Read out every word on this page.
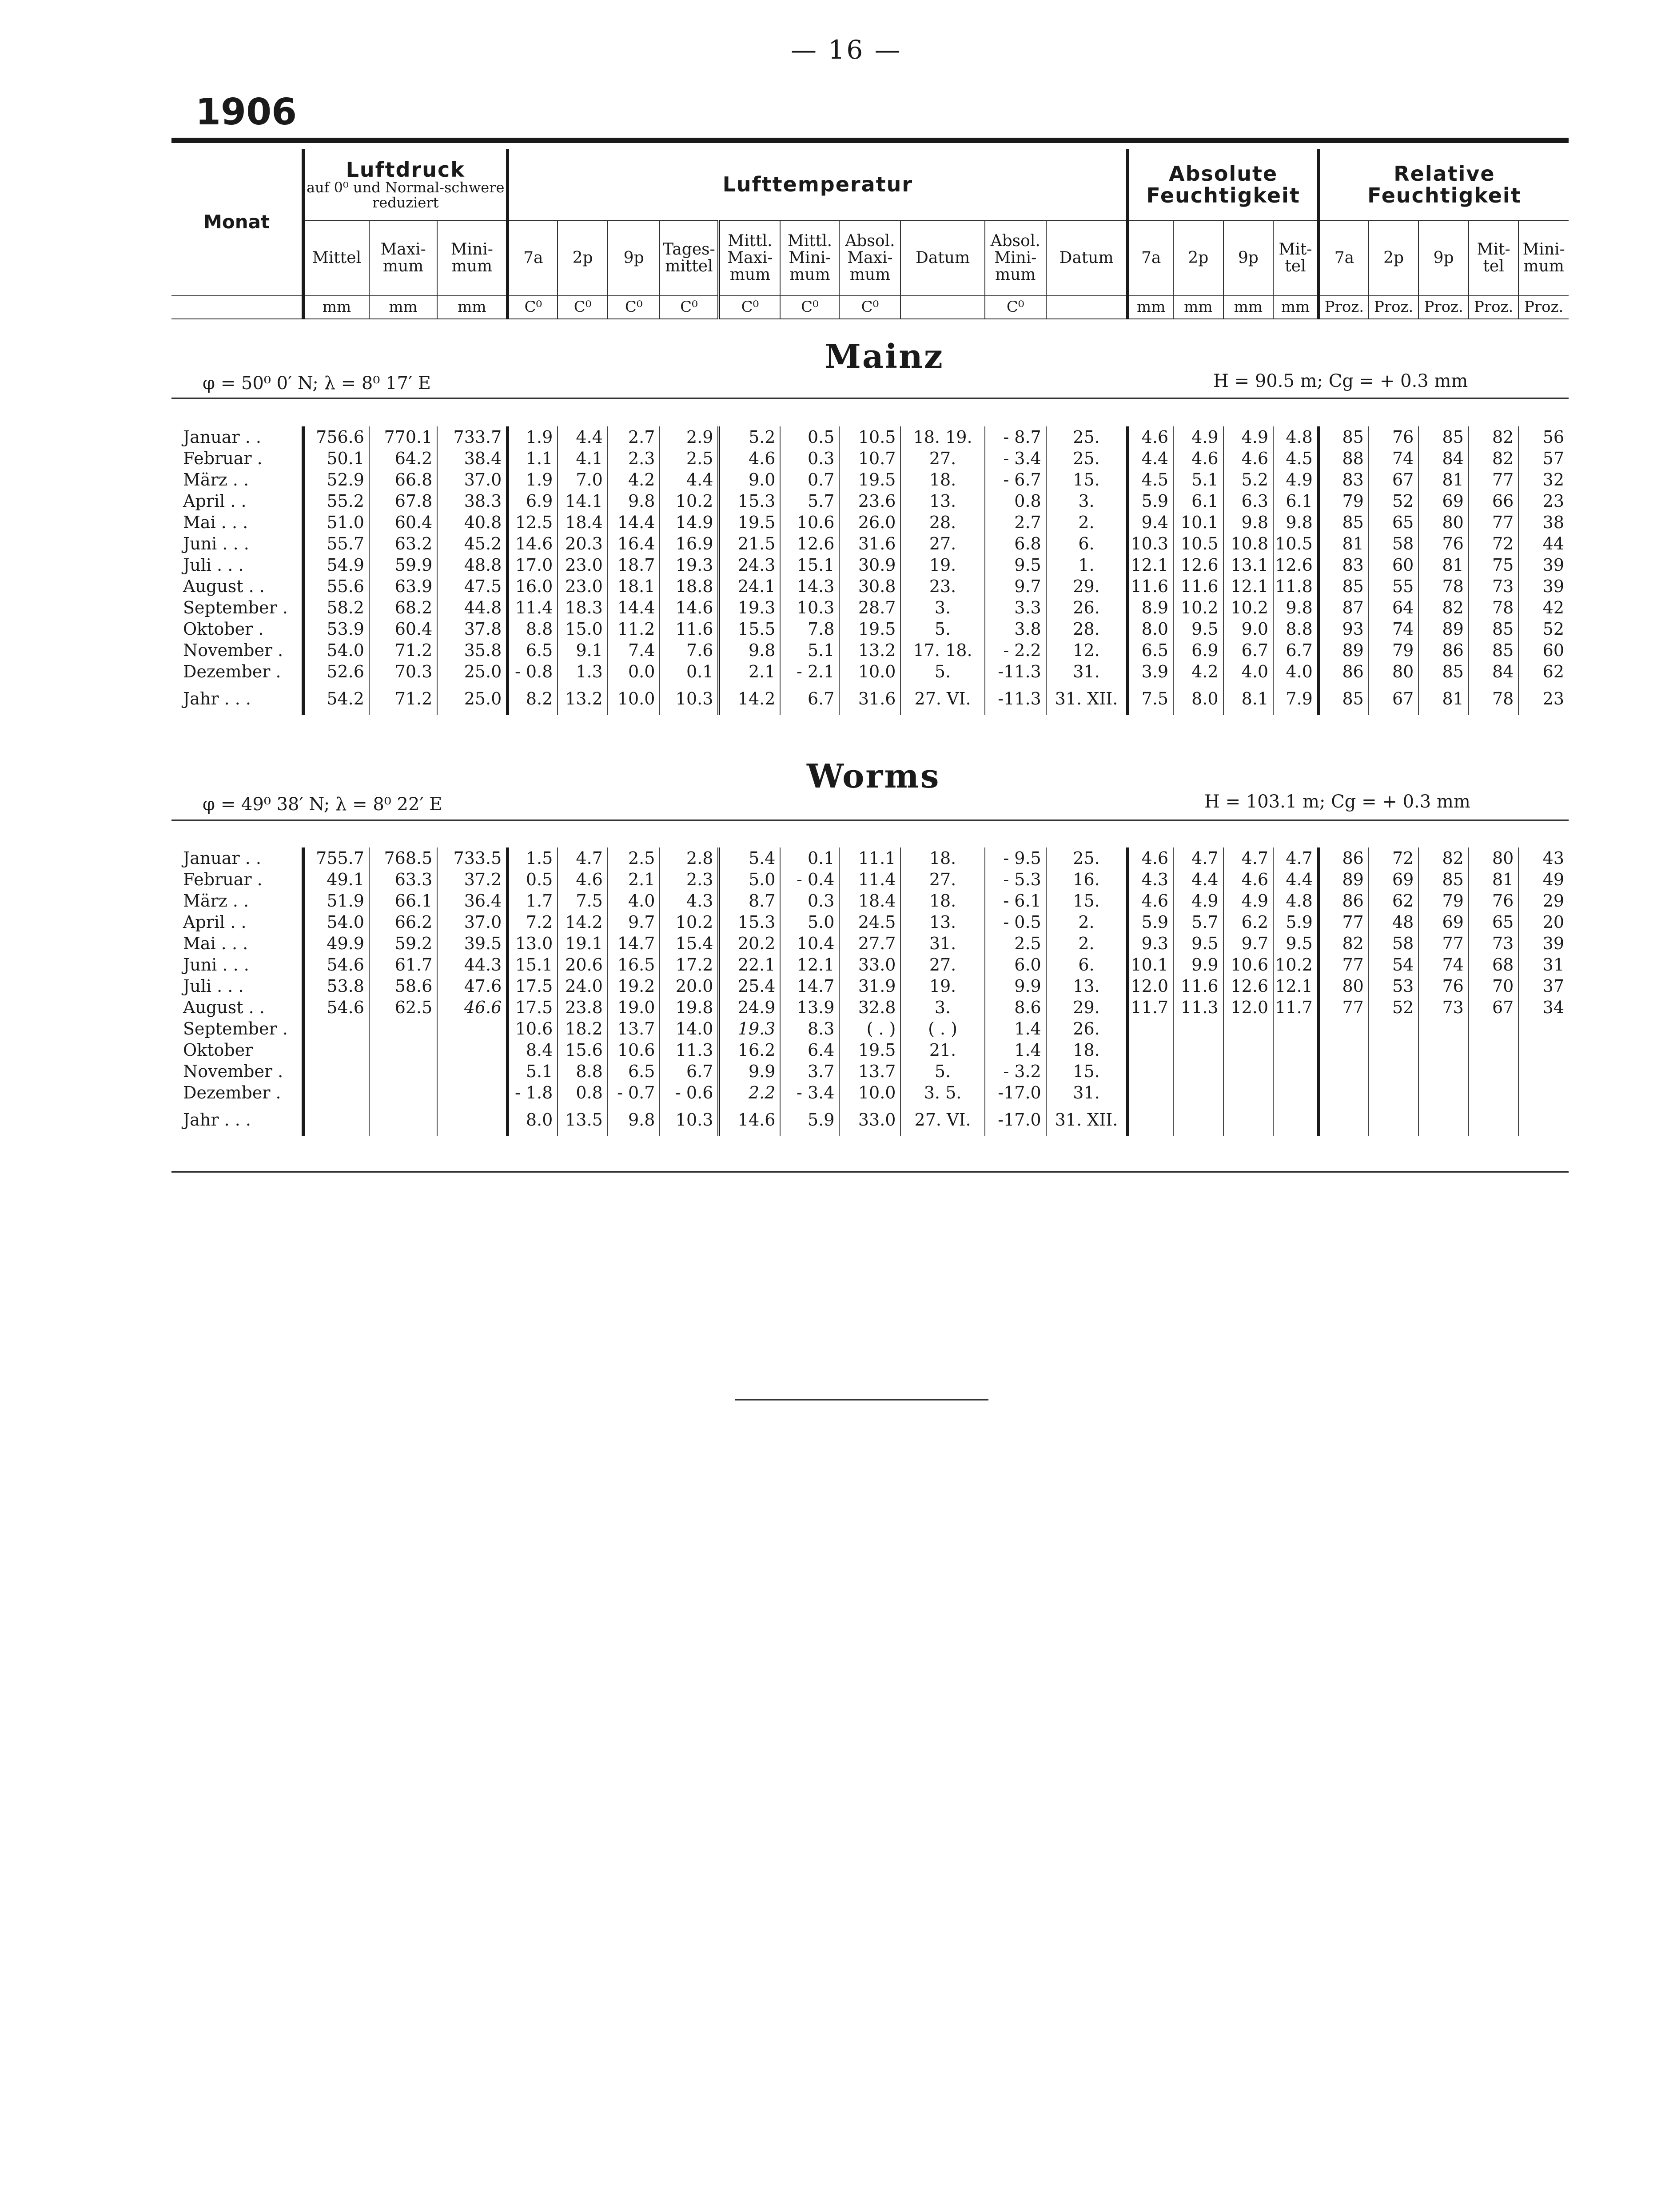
— 16 —
1906
Monat	Luftdruck
auf 0⁰ und Normal-schwere reduziert			Lufttemperatur										Absolute Feuchtigkeit				Relative Feuchtigkeit				
	Mittel	Maxi-mum	Mini-mum	7a	2p	9p	Tages-mittel	Mittl. Maxi-mum	Mittl. Mini-mum	Absol. Maxi-mum	Datum	Absol. Mini-mum	Datum	7a	2p	9p	Mit-tel	7a	2p	9p	Mit-tel	Mini-mum
	mm	mm	mm	C⁰	C⁰	C⁰	C⁰	C⁰	C⁰	C⁰		C⁰		mm	mm	mm	mm	Proz.	Proz.	Proz.	Proz.	Proz.
Mainz
φ = 50⁰ 0′ N; λ = 8⁰ 17′ E	H = 90.5 m; Cg = + 0.3 mm
Januar . .	756.6	770.1	733.7	1.9	4.4	2.7	2.9	5.2	0.5	10.5	18. 19.	- 8.7	25.	4.6	4.9	4.9	4.8	85	76	85	82	56
Februar .	50.1	64.2	38.4	1.1	4.1	2.3	2.5	4.6	0.3	10.7	27.	- 3.4	25.	4.4	4.6	4.6	4.5	88	74	84	82	57
März . .	52.9	66.8	37.0	1.9	7.0	4.2	4.4	9.0	0.7	19.5	18.	- 6.7	15.	4.5	5.1	5.2	4.9	83	67	81	77	32
April . .	55.2	67.8	38.3	6.9	14.1	9.8	10.2	15.3	5.7	23.6	13.	0.8	3.	5.9	6.1	6.3	6.1	79	52	69	66	23
Mai . . .	51.0	60.4	40.8	12.5	18.4	14.4	14.9	19.5	10.6	26.0	28.	2.7	2.	9.4	10.1	9.8	9.8	85	65	80	77	38
Juni . . .	55.7	63.2	45.2	14.6	20.3	16.4	16.9	21.5	12.6	31.6	27.	6.8	6.	10.3	10.5	10.8	10.5	81	58	76	72	44
Juli . . .	54.9	59.9	48.8	17.0	23.0	18.7	19.3	24.3	15.1	30.9	19.	9.5	1.	12.1	12.6	13.1	12.6	83	60	81	75	39
August . .	55.6	63.9	47.5	16.0	23.0	18.1	18.8	24.1	14.3	30.8	23.	9.7	29.	11.6	11.6	12.1	11.8	85	55	78	73	39
September .	58.2	68.2	44.8	11.4	18.3	14.4	14.6	19.3	10.3	28.7	3.	3.3	26.	8.9	10.2	10.2	9.8	87	64	82	78	42
Oktober .	53.9	60.4	37.8	8.8	15.0	11.2	11.6	15.5	7.8	19.5	5.	3.8	28.	8.0	9.5	9.0	8.8	93	74	89	85	52
November .	54.0	71.2	35.8	6.5	9.1	7.4	7.6	9.8	5.1	13.2	17. 18.	- 2.2	12.	6.5	6.9	6.7	6.7	89	79	86	85	60
Dezember .	52.6	70.3	25.0	- 0.8	1.3	0.0	0.1	2.1	- 2.1	10.0	5.	-11.3	31.	3.9	4.2	4.0	4.0	86	80	85	84	62
Jahr . . .	54.2	71.2	25.0	8.2	13.2	10.0	10.3	14.2	6.7	31.6	27. VI.	-11.3	31. XII.	7.5	8.0	8.1	7.9	85	67	81	78	23
Worms
φ = 49⁰ 38′ N; λ = 8⁰ 22′ E	H = 103.1 m; Cg = + 0.3 mm
Januar . .	755.7	768.5	733.5	1.5	4.7	2.5	2.8	5.4	0.1	11.1	18.	- 9.5	25.	4.6	4.7	4.7	4.7	86	72	82	80	43
Februar .	49.1	63.3	37.2	0.5	4.6	2.1	2.3	5.0	- 0.4	11.4	27.	- 5.3	16.	4.3	4.4	4.6	4.4	89	69	85	81	49
März . .	51.9	66.1	36.4	1.7	7.5	4.0	4.3	8.7	0.3	18.4	18.	- 6.1	15.	4.6	4.9	4.9	4.8	86	62	79	76	29
April . .	54.0	66.2	37.0	7.2	14.2	9.7	10.2	15.3	5.0	24.5	13.	- 0.5	2.	5.9	5.7	6.2	5.9	77	48	69	65	20
Mai . . .	49.9	59.2	39.5	13.0	19.1	14.7	15.4	20.2	10.4	27.7	31.	2.5	2.	9.3	9.5	9.7	9.5	82	58	77	73	39
Juni . . .	54.6	61.7	44.3	15.1	20.6	16.5	17.2	22.1	12.1	33.0	27.	6.0	6.	10.1	9.9	10.6	10.2	77	54	74	68	31
Juli . . .	53.8	58.6	47.6	17.5	24.0	19.2	20.0	25.4	14.7	31.9	19.	9.9	13.	12.0	11.6	12.6	12.1	80	53	76	70	37
August . .	54.6	62.5	46.6	17.5	23.8	19.0	19.8	24.9	13.9	32.8	3.	8.6	29.	11.7	11.3	12.0	11.7	77	52	73	67	34
September .				10.6	18.2	13.7	14.0	19.3	8.3	( . )	( . )	1.4	26.									
Oktober				8.4	15.6	10.6	11.3	16.2	6.4	19.5	21.	1.4	18.									
November .				5.1	8.8	6.5	6.7	9.9	3.7	13.7	5.	- 3.2	15.									
Dezember .				- 1.8	0.8	- 0.7	- 0.6	2.2	- 3.4	10.0	3. 5.	-17.0	31.									
Jahr . . .				8.0	13.5	9.8	10.3	14.6	5.9	33.0	27. VI.	-17.0	31. XII.									
